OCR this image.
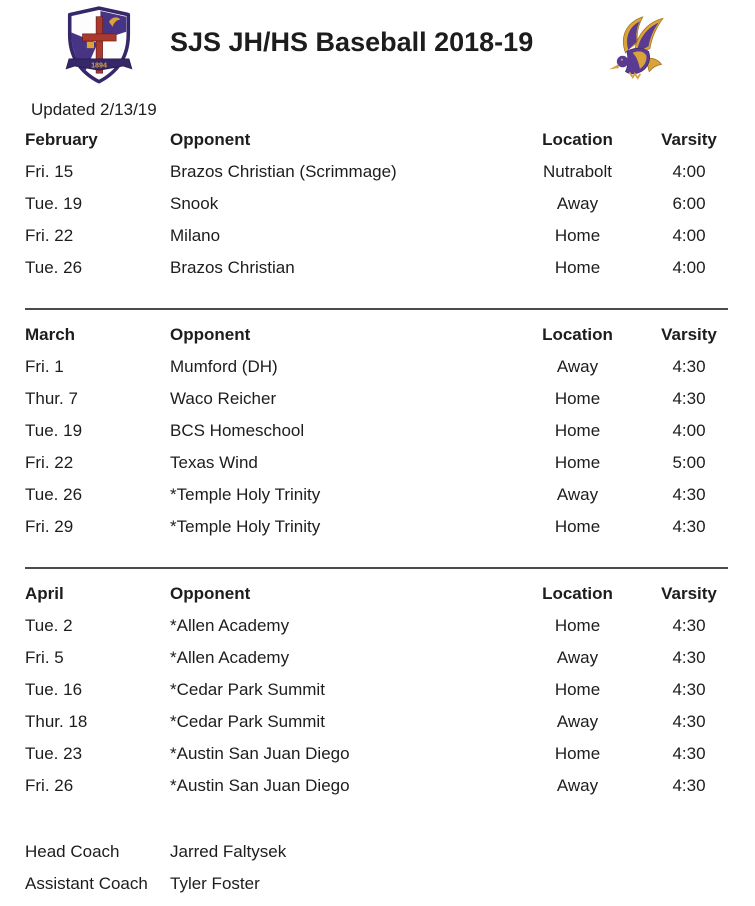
1894
SJS JH/HS Baseball 2018-19
Updated 2/13/19
February	Opponent	Location	Varsity
Fri. 15	Brazos Christian (Scrimmage)	Nutrabolt	4:00
Tue. 19	Snook	Away	6:00
Fri. 22	Milano	Home	4:00
Tue. 26	Brazos Christian	Home	4:00
March	Opponent	Location	Varsity
Fri. 1	Mumford (DH)	Away	4:30
Thur. 7	Waco Reicher	Home	4:30
Tue. 19	BCS Homeschool	Home	4:00
Fri. 22	Texas Wind	Home	5:00
Tue. 26	*Temple Holy Trinity	Away	4:30
Fri. 29	*Temple Holy Trinity	Home	4:30
April	Opponent	Location	Varsity
Tue. 2	*Allen Academy	Home	4:30
Fri. 5	*Allen Academy	Away	4:30
Tue. 16	*Cedar Park Summit	Home	4:30
Thur. 18	*Cedar Park Summit	Away	4:30
Tue. 23	*Austin San Juan Diego	Home	4:30
Fri. 26	*Austin San Juan Diego	Away	4:30
Head Coach	Jarred Faltysek
Assistant Coach	Tyler Foster
